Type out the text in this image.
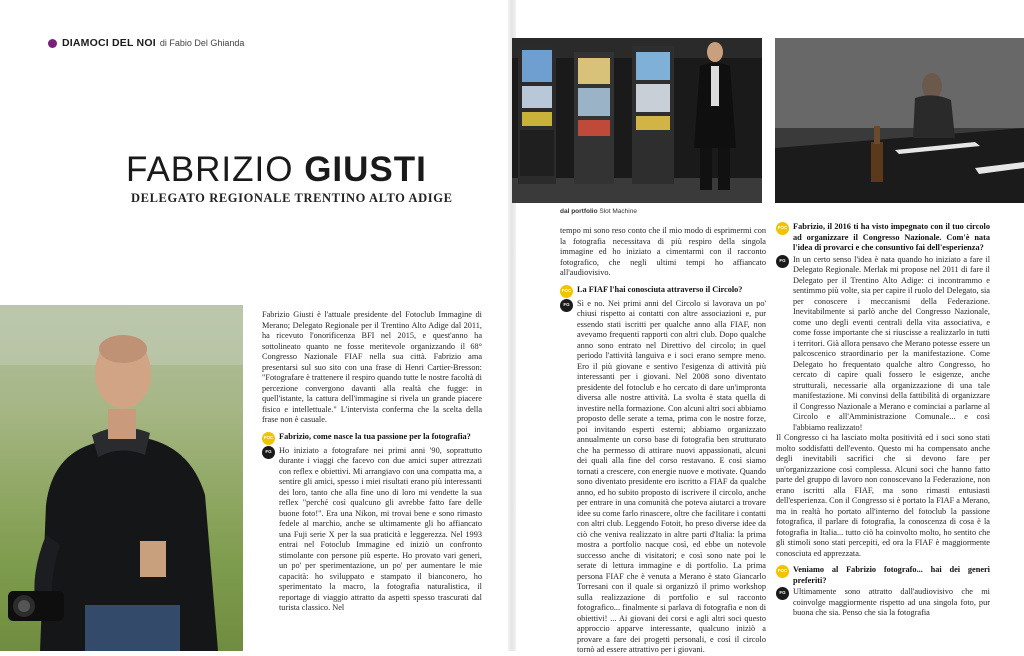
DIAMOCI DEL NOI di Fabio Del Ghianda
FABRIZIO GIUSTI
DELEGATO REGIONALE TRENTINO ALTO ADIGE
dal portfolio Slot Machine

Fabrizio Giusti è l'attuale presidente del Fotoclub Immagine di Merano; Delegato Regionale per il Trentino Alto Adige dal 2011, ha ricevuto l'onorificenza BFI nel 2015, e quest'anno ha sottolineato quanto ne fosse meritevole organizzando il 68° Congresso Nazionale FIAF nella sua città. Fabrizio ama presentarsi sul suo sito con una frase di Henri Cartier-Bresson: "Fotografare è trattenere il respiro quando tutte le nostre facoltà di percezione convergono davanti alla realtà che fugge: in quell'istante, la cattura dell'immagine si rivela un grande piacere fisico e intellettuale." L'intervista conferma che la scelta della frase non è casuale.

FOC Fabrizio, come nasce la tua passione per la fotografia?
FG Ho iniziato a fotografare nei primi anni '90, soprattutto durante i viaggi che facevo con due amici super attrezzati con reflex e obiettivi. Mi arrangiavo con una compatta ma, a sentire gli amici, spesso i miei risultati erano più interessanti dei loro, tanto che alla fine uno di loro mi vendette la sua reflex "perché così qualcuno gli avrebbe fatto fare delle buone foto!". Era una Nikon, mi trovai bene e sono rimasto fedele al marchio, anche se ultimamente gli ho affiancato una Fuji serie X per la sua praticità e leggerezza. Nel 1993 entrai nel Fotoclub Immagine ed iniziò un confronto stimolante con persone più esperte. Ho provato vari generi, un po' per sperimentazione, un po' per aumentare le mie capacità: ho sviluppato e stampato il bianconero, ho sperimentato la macro, la fotografia naturalistica, il reportage di viaggio attratto da aspetti spesso trascurati dal turista classico. Nel

tempo mi sono reso conto che il mio modo di esprimermi con la fotografia necessitava di più respiro della singola immagine ed ho iniziato a cimentarmi con il racconto fotografico, che negli ultimi tempi ho affiancato all'audiovisivo.

FOC La FIAF l'hai conosciuta attraverso il Circolo?
FG Sì e no. Nei primi anni del Circolo si lavorava un po' chiusi rispetto ai contatti con altre associazioni e, pur essendo stati iscritti per qualche anno alla FIAF, non avevamo frequenti rapporti con altri club. Dopo qualche anno sono entrato nel Direttivo del circolo; in quel periodo l'attività languiva e i soci erano sempre meno. Ero il più giovane e sentivo l'esigenza di attività più interessanti per i giovani. Nel 2008 sono diventato presidente del fotoclub e ho cercato di dare un'impronta diversa alle nostre attività. La svolta è stata quella di investire nella formazione. Con alcuni altri soci abbiamo proposto delle serate a tema, prima con le nostre forze, poi invitando esperti esterni; abbiamo organizzato annualmente un corso base di fotografia ben strutturato che ha permesso di attirare nuovi appassionati, alcuni dei quali alla fine del corso restavano. E così siamo tornati a crescere, con energie nuove e motivate. Quando sono diventato presidente ero iscritto a FIAF da qualche anno, ed ho subito proposto di iscrivere il circolo, anche per entrare in una comunità che poteva aiutarci a trovare idee su come farlo rinascere, oltre che facilitare i contatti con altri club. Leggendo Fotoit, ho preso diverse idee da ciò che veniva realizzato in altre parti d'Italia: la prima mostra a portfolio nacque così, ed ebbe un notevole successo anche di visitatori; e così sono nate poi le serate di lettura immagine e di portfolio. La prima persona FIAF che è venuta a Merano è stato Giancarlo Torresani con il quale si organizzò il primo workshop sulla realizzazione di portfolio e sul racconto fotografico... finalmente si parlava di fotografia e non di obiettivi! ... Ai giovani dei corsi e agli altri soci questo approccio apparve interessante, qualcuno iniziò a provare a fare dei progetti personali, e così il circolo tornò ad essere attrattivo per i giovani.
FOC Fabrizio, il 2016 ti ha visto impegnato con il tuo circolo ad organizzare il Congresso Nazionale. Com'è nata l'idea di provarci e che consuntivo fai dell'esperienza?
FG In un certo senso l'idea è nata quando ho iniziato a fare il Delegato Regionale. Merlak mi propose nel 2011 di fare il Delegato per il Trentino Alto Adige: ci incontrammo e sentimmo più volte, sia per capire il ruolo del Delegato, sia per conoscere i meccanismi della Federazione. Inevitabilmente si parlò anche del Congresso Nazionale, come uno degli eventi centrali della vita associativa, e come fosse importante che si riuscisse a realizzarlo in tutti i territori. Già allora pensavo che Merano potesse essere un palcoscenico straordinario per la manifestazione. Come Delegato ho frequentato qualche altro Congresso, ho cercato di capire quali fossero le esigenze, anche strutturali, necessarie alla organizzazione di una tale manifestazione. Mi convinsi della fattibilità di organizzare il Congresso Nazionale a Merano e cominciai a parlarne al Circolo e all'Amministrazione Comunale... e così l'abbiamo realizzato!

Il Congresso ci ha lasciato molta positività ed i soci sono stati molto soddisfatti dell'evento. Questo mi ha compensato anche degli inevitabili sacrifici che si devono fare per un'organizzazione così complessa. Alcuni soci che hanno fatto parte del gruppo di lavoro non conoscevano la Federazione, non erano iscritti alla FIAF, ma sono rimasti entusiasti dell'esperienza. Con il Congresso si è portato la FIAF a Merano, ma in realtà ho portato all'interno del fotoclub la passione fotografica, il parlare di fotografia, la conoscenza di cosa è la fotografia in Italia... tutto ciò ha coinvolto molto, ho sentito che gli stimoli sono stati percepiti, ed ora la FIAF è maggiormente conosciuta ed apprezzata.

FOC Veniamo al Fabrizio fotografo... hai dei generi preferiti?
FG Ultimamente sono attratto dall'audiovisivo che mi coinvolge maggiormente rispetto ad una singola foto, pur buona che sia. Penso che sia la fotografia
